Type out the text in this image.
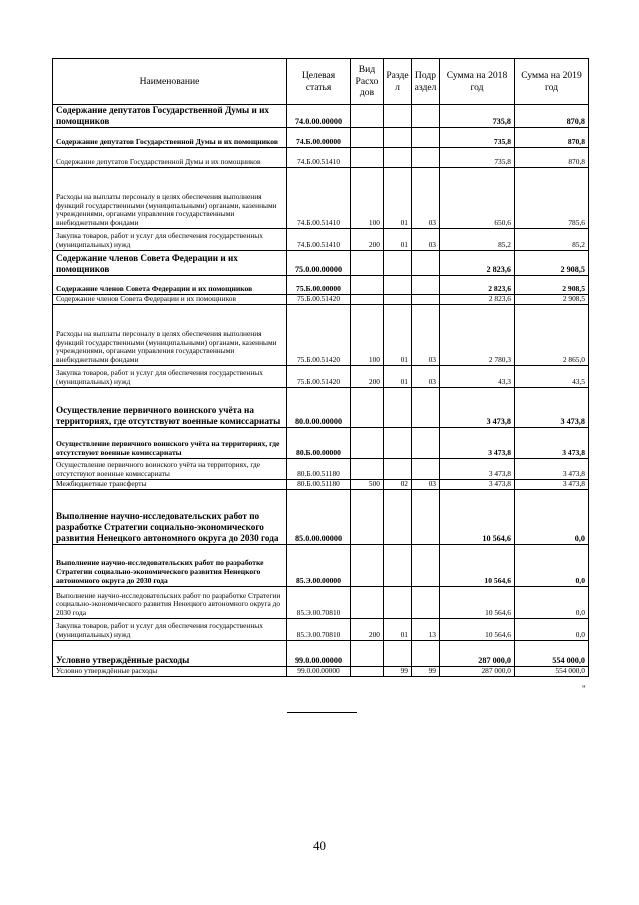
Наименование	Целевая статья	Вид Расхо дов	Разде л	Подр аздел	Сумма на 2018 год	Сумма на 2019 год
Содержание депутатов Государственной Думы и их помощников	74.0.00.00000				735,8	870,8
Содержание депутатов Государственной Думы и их помощников	74.Б.00.00000				735,8	870,8
Содержание депутатов Государственной Думы и их помощников	74.Б.00.51410				735,8	870,8
Расходы на выплаты персоналу в целях обеспечения выполнения функций государственными (муниципальными) органами, казенными учреждениями, органами управления государственными внебюджетными фондами	74.Б.00.51410	100	01	03	650,6	785,6
Закупка товаров, работ и услуг для обеспечения государственных (муниципальных) нужд	74.Б.00.51410	200	01	03	85,2	85,2
Содержание членов Совета Федерации и их помощников	75.0.00.00000				2 823,6	2 908,5
Содержание членов Совета Федерации и их помощников	75.Б.00.00000				2 823,6	2 908,5
Содержание членов Совета Федерации и их помощников	75.Б.00.51420				2 823,6	2 908,5
Расходы на выплаты персоналу в целях обеспечения выполнения функций государственными (муниципальными) органами, казенными учреждениями, органами управления государственными внебюджетными фондами	75.Б.00.51420	100	01	03	2 780,3	2 865,0
Закупка товаров, работ и услуг для обеспечения государственных (муниципальных) нужд	75.Б.00.51420	200	01	03	43,3	43,5
Осуществление первичного воинского учёта на территориях, где отсутствуют военные комиссариаты	80.0.00.00000				3 473,8	3 473,8
Осуществление первичного воинского учёта на территориях, где отсутствуют военные комиссариаты	80.Б.00.00000				3 473,8	3 473,8
Осуществление первичного воинского учёта на территориях, где отсутствуют военные комиссариаты	80.Б.00.51180				3 473,8	3 473,8
Межбюджетные трансферты	80.Б.00.51180	500	02	03	3 473,8	3 473,8
Выполнение научно-исследовательских работ по разработке Стратегии социально-экономического развития Ненецкого автономного округа до 2030 года	85.0.00.00000				10 564,6	0,0
Выполнение научно-исследовательских работ по разработке Стратегии социально-экономического развития Ненецкого автономного округа до 2030 года	85.Э.00.00000				10 564,6	0,0
Выполнение научно-исследовательских работ по разработке Стратегии социально-экономического развития Ненецкого автономного округа до 2030 года	85.Э.00.70810				10 564,6	0,0
Закупка товаров, работ и услуг для обеспечения государственных (муниципальных) нужд	85.Э.00.70810	200	01	13	10 564,6	0,0
Условно утверждённые расходы	99.0.00.00000				287 000,0	554 000,0
Условно утверждённые расходы	99.0.00.00000		99	99	287 000,0	554 000,0
"
40
